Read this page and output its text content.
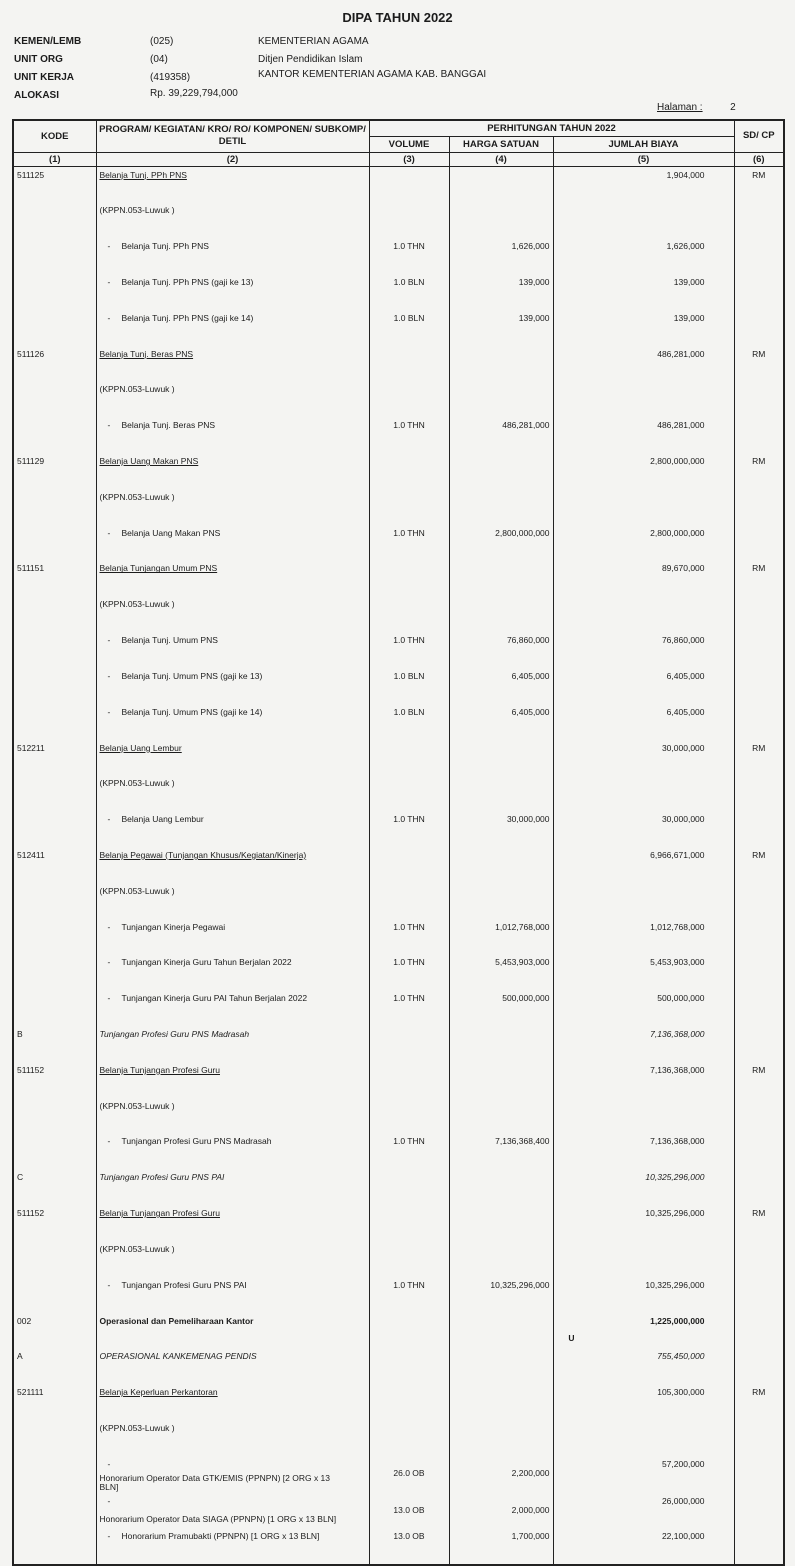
DIPA TAHUN 2022
KEMEN/LEMB	(025)	KEMENTERIAN AGAMA
UNIT ORG	(04)	Ditjen Pendidikan Islam
UNIT KERJA	(419358)	KANTOR KEMENTERIAN AGAMA KAB. BANGGAI
ALOKASI	Rp. 39,229,794,000
Halaman :	2
KODE	PROGRAM/ KEGIATAN/ KRO/ RO/ KOMPONEN/ SUBKOMP/ DETIL	PERHITUNGAN TAHUN 2022			SD/ CP
		VOLUME	HARGA SATUAN	JUMLAH BIAYA	
(1)	(2)	(3)	(4)	(5)	(6)
511125	Belanja Tunj. PPh PNS			1,904,000	RM
	(KPPN.053-Luwuk )				
	- Belanja Tunj. PPh PNS	1.0 THN	1,626,000	1,626,000	
	- Belanja Tunj. PPh PNS (gaji ke 13)	1.0 BLN	139,000	139,000	
	- Belanja Tunj. PPh PNS (gaji ke 14)	1.0 BLN	139,000	139,000	
511126	Belanja Tunj. Beras PNS			486,281,000	RM
	(KPPN.053-Luwuk )				
	- Belanja Tunj. Beras PNS	1.0 THN	486,281,000	486,281,000	
511129	Belanja Uang Makan PNS			2,800,000,000	RM
	(KPPN.053-Luwuk )				
	- Belanja Uang Makan PNS	1.0 THN	2,800,000,000	2,800,000,000	
511151	Belanja Tunjangan Umum PNS			89,670,000	RM
	(KPPN.053-Luwuk )				
	- Belanja Tunj. Umum PNS	1.0 THN	76,860,000	76,860,000	
	- Belanja Tunj. Umum PNS (gaji ke 13)	1.0 BLN	6,405,000	6,405,000	
	- Belanja Tunj. Umum PNS (gaji ke 14)	1.0 BLN	6,405,000	6,405,000	
512211	Belanja Uang Lembur			30,000,000	RM
	(KPPN.053-Luwuk )				
	- Belanja Uang Lembur	1.0 THN	30,000,000	30,000,000	
512411	Belanja Pegawai (Tunjangan Khusus/Kegiatan/Kinerja)			6,966,671,000	RM
	(KPPN.053-Luwuk )				
	- Tunjangan Kinerja Pegawai	1.0 THN	1,012,768,000	1,012,768,000	
	- Tunjangan Kinerja Guru Tahun Berjalan 2022	1.0 THN	5,453,903,000	5,453,903,000	
	- Tunjangan Kinerja Guru PAI Tahun Berjalan 2022	1.0 THN	500,000,000	500,000,000	
B	Tunjangan Profesi Guru PNS Madrasah			7,136,368,000	
511152	Belanja Tunjangan Profesi Guru			7,136,368,000	RM
	(KPPN.053-Luwuk )				
	- Tunjangan Profesi Guru PNS Madrasah	1.0 THN	7,136,368,400	7,136,368,000	
C	Tunjangan Profesi Guru PNS PAI			10,325,296,000	
511152	Belanja Tunjangan Profesi Guru			10,325,296,000	RM
	(KPPN.053-Luwuk )				
	- Tunjangan Profesi Guru PNS PAI	1.0 THN	10,325,296,000	10,325,296,000	
002	Operasional dan Pemeliharaan Kantor			1,225,000,000U	
A	OPERASIONAL KANKEMENAG PENDIS			755,450,000	
521111	Belanja Keperluan Perkantoran			105,300,000	RM
	(KPPN.053-Luwuk )				
	-Honorarium Operator Data GTK/EMIS (PPNPN) [2 ORG x 13 BLN]	26.0 OB	2,200,000	57,200,000	
	-Honorarium Operator Data SIAGA (PPNPN) [1 ORG x 13 BLN]	13.0 OB	2,000,000	26,000,000	
	- Honorarium Pramubakti (PPNPN) [1 ORG x 13 BLN]	13.0 OB	1,700,000	22,100,000	
